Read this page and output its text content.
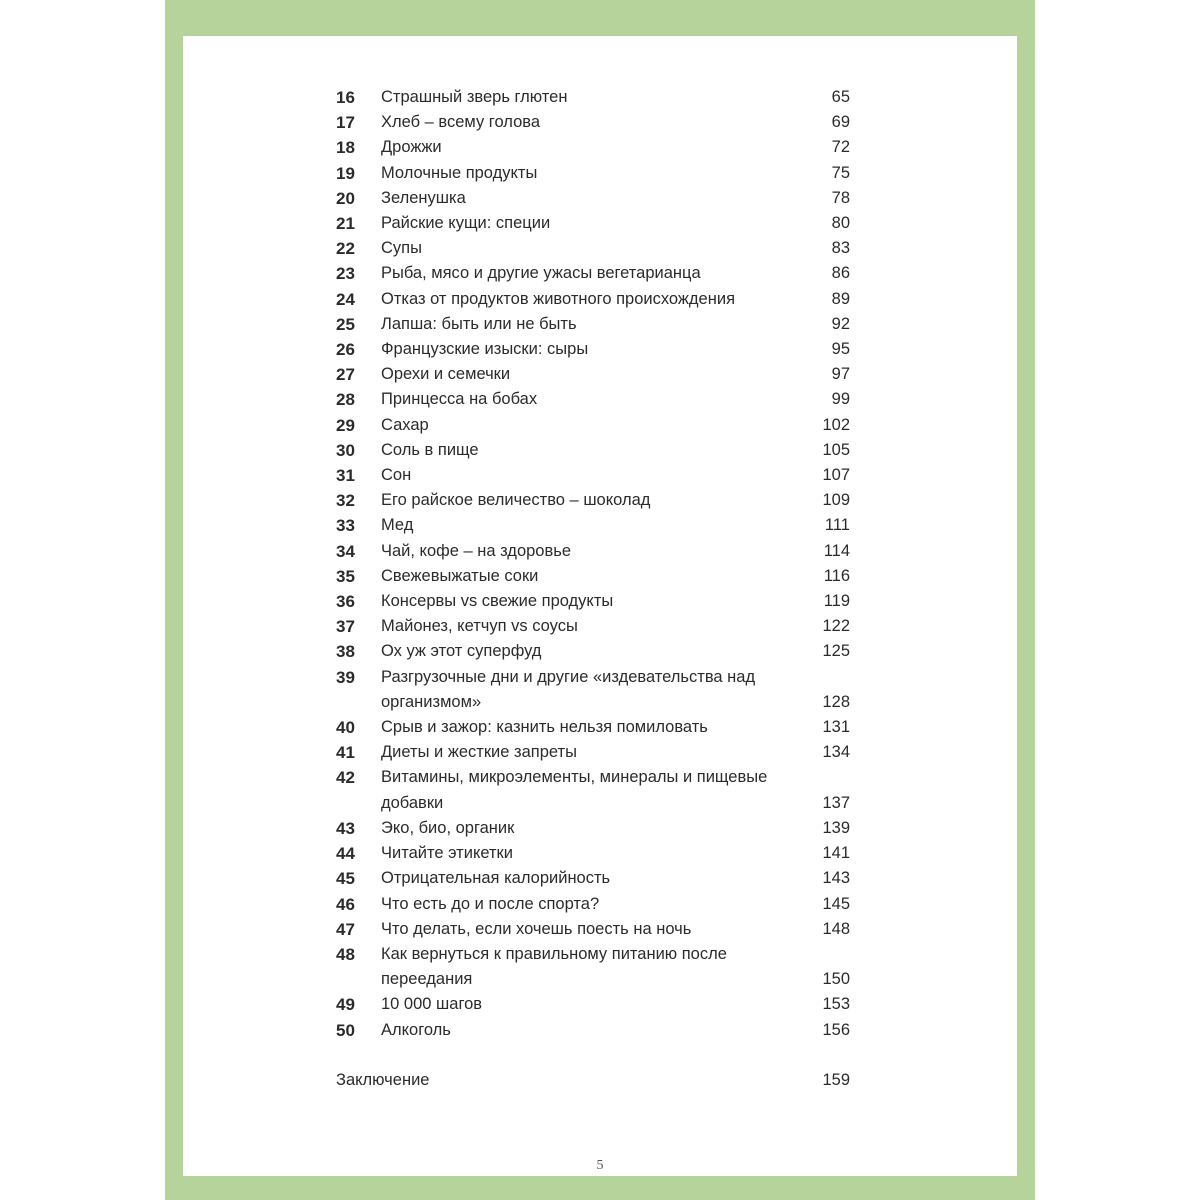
16 Страшный зверь глютен	65
17 Хлеб – всему голова	69
18 Дрожжи	72
19 Молочные продукты	75
20 Зеленушка	78
21 Райские кущи: специи	80
22 Супы	83
23 Рыба, мясо и другие ужасы вегетарианца	86
24 Отказ от продуктов животного происхождения	89
25 Лапша: быть или не быть	92
26 Французские изыски: сыры	95
27 Орехи и семечки	97
28 Принцесса на бобах	99
29 Сахар	102
30 Соль в пище	105
31 Сон	107
32 Его райское величество – шоколад	109
33 Мед	111
34 Чай, кофе – на здоровье	114
35 Свежевыжатые соки	116
36 Консервы vs свежие продукты	119
37 Майонез, кетчуп vs соусы	122
38 Ох уж этот суперфуд	125
39 Разгрузочные дни и другие «издевательства над организмом»	128
40 Срыв и зажор: казнить нельзя помиловать	131
41 Диеты и жесткие запреты	134
42 Витамины, микроэлементы, минералы и пищевые добавки	137
43 Эко, био, органик	139
44 Читайте этикетки	141
45 Отрицательная калорийность	143
46 Что есть до и после спорта?	145
47 Что делать, если хочешь поесть на ночь	148
48 Как вернуться к правильному питанию после переедания	150
49 10 000 шагов	153
50 Алкоголь	156
Заключение	159
5
